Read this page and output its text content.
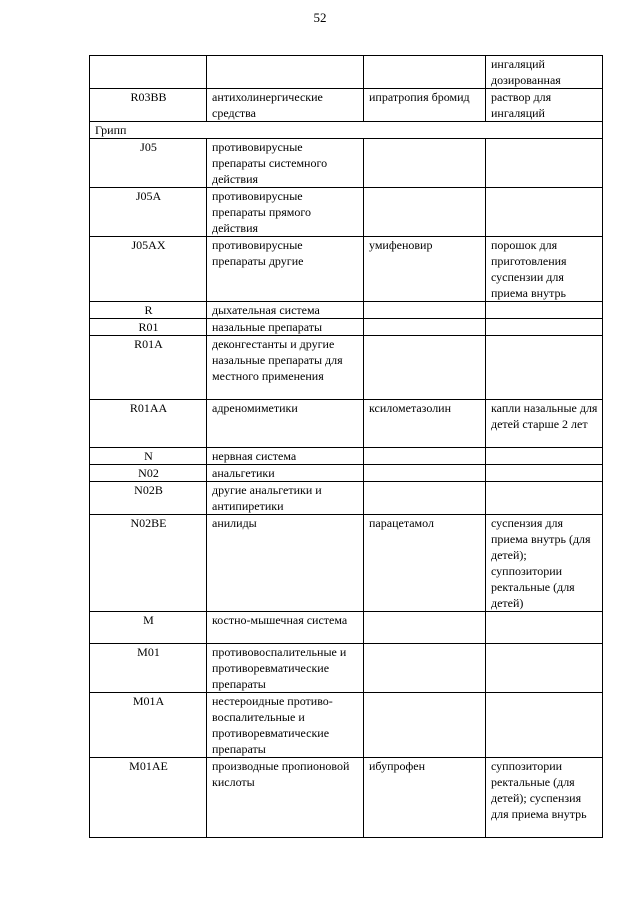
52
			ингаляций дозированная
R03BB	антихолинергические средства	ипратропия бромид	раствор для ингаляций
Грипп			
J05	противовирусные препараты системного действия		
J05A	противовирусные препараты прямого действия		
J05AX	противовирусные препараты другие	умифеновир	порошок для приготовления суспензии для приема внутрь
R	дыхательная система		
R01	назальные препараты		
R01A	деконгестанты и другие назальные препараты для местного применения		
R01AA	адреномиметики	ксилометазолин	капли назальные для детей старше 2 лет
N	нервная система		
N02	анальгетики		
N02B	другие анальгетики и антипиретики		
N02BE	анилиды	парацетамол	суспензия для приема внутрь (для детей); суппозитории ректальные (для детей)
M	костно-мышечная система		
M01	противовоспалительные и противоревматические препараты		
M01A	нестероидные противо-воспалительные и противоревматические препараты		
M01AE	производные пропионовой кислоты	ибупрофен	суппозитории ректальные (для детей); суспензия для приема внутрь
